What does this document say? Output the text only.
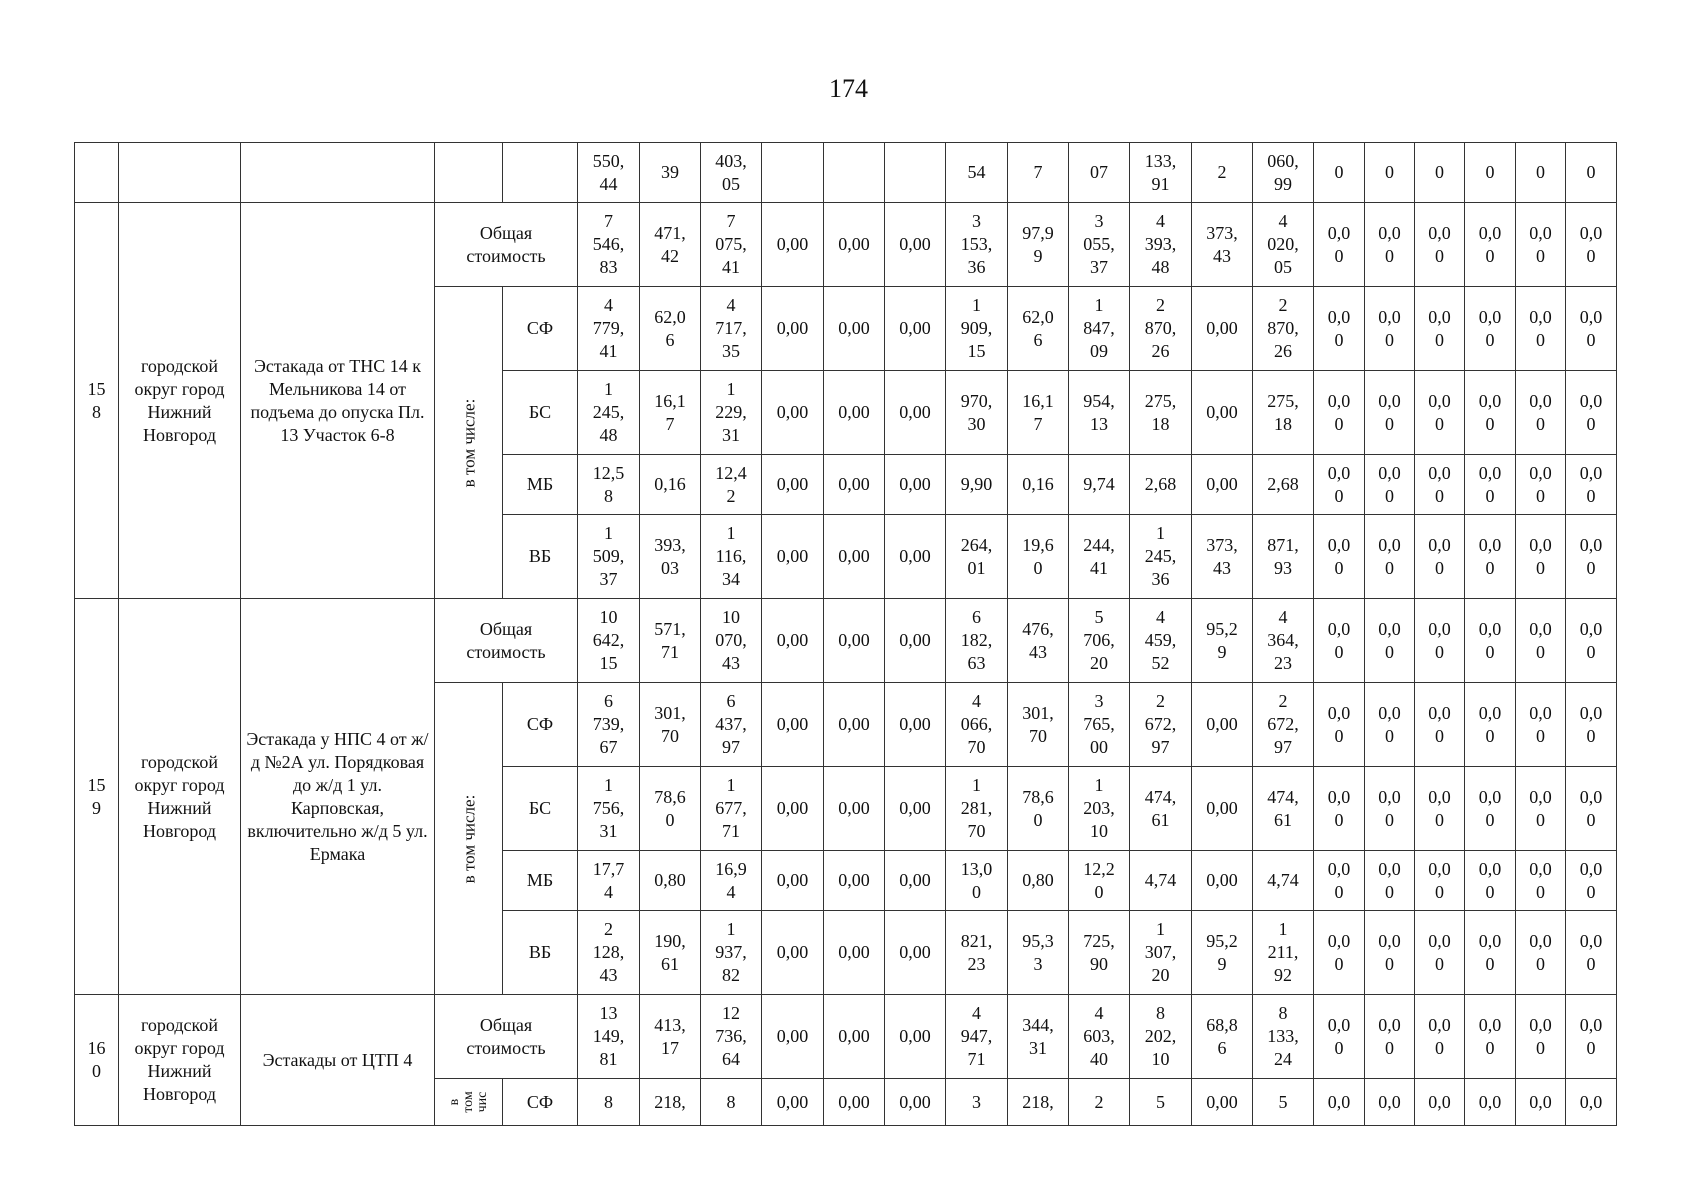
174
					550,
44	39	403,
05				54	7	07	133,
91	2	060,
99	0	0	0	0	0	0
15
8	городской округ город Нижний Новгород	Эстакада от ТНС 14 к Мельникова 14 от подъема до опуска Пл. 13 Участок 6-8	Общая стоимость		7
546,
83	471,
42	7
075,
41	0,00	0,00	0,00	3
153,
36	97,9
9	3
055,
37	4
393,
48	373,
43	4
020,
05	0,0
0	0,0
0	0,0
0	0,0
0	0,0
0	0,0
0

			в том числе:	СФ	4
779,
41	62,0
6	4
717,
35	0,00	0,00	0,00	1
909,
15	62,0
6	1
847,
09	2
870,
26	0,00	2
870,
26	0,0
0	0,0
0	0,0
0	0,0
0	0,0
0	0,0
0
				БС	1
245,
48	16,1
7	1
229,
31	0,00	0,00	0,00	970,
30	16,1
7	954,
13	275,
18	0,00	275,
18	0,0
0	0,0
0	0,0
0	0,0
0	0,0
0	0,0
0
				МБ	12,5
8	0,16	12,4
2	0,00	0,00	0,00	9,90	0,16	9,74	2,68	0,00	2,68	0,0
0	0,0
0	0,0
0	0,0
0	0,0
0	0,0
0
				ВБ	1
509,
37	393,
03	1
116,
34	0,00	0,00	0,00	264,
01	19,6
0	244,
41	1
245,
36	373,
43	871,
93	0,0
0	0,0
0	0,0
0	0,0
0	0,0
0	0,0
0
15
9	городской округ город Нижний Новгород	Эстакада у НПС 4 от ж/д №2А ул. Порядковая до ж/д 1 ул. Карповская, включительно ж/д 5 ул. Ермака	Общая стоимость		10
642,
15	571,
71	10
070,
43	0,00	0,00	0,00	6
182,
63	476,
43	5
706,
20	4
459,
52	95,2
9	4
364,
23	0,0
0	0,0
0	0,0
0	0,0
0	0,0
0	0,0
0

			в том числе:	СФ	6
739,
67	301,
70	6
437,
97	0,00	0,00	0,00	4
066,
70	301,
70	3
765,
00	2
672,
97	0,00	2
672,
97	0,0
0	0,0
0	0,0
0	0,0
0	0,0
0	0,0
0
				БС	1
756,
31	78,6
0	1
677,
71	0,00	0,00	0,00	1
281,
70	78,6
0	1
203,
10	474,
61	0,00	474,
61	0,0
0	0,0
0	0,0
0	0,0
0	0,0
0	0,0
0
				МБ	17,7
4	0,80	16,9
4	0,00	0,00	0,00	13,0
0	0,80	12,2
0	4,74	0,00	4,74	0,0
0	0,0
0	0,0
0	0,0
0	0,0
0	0,0
0
				ВБ	2
128,
43	190,
61	1
937,
82	0,00	0,00	0,00	821,
23	95,3
3	725,
90	1
307,
20	95,2
9	1
211,
92	0,0
0	0,0
0	0,0
0	0,0
0	0,0
0	0,0
0
16
0	городской округ город Нижний Новгород	Эстакады от ЦТП 4	Общая стоимость		13
149,
81	413,
17	12
736,
64	0,00	0,00	0,00	4
947,
71	344,
31	4
603,
40	8
202,
10	68,8
6	8
133,
24	0,0
0	0,0
0	0,0
0	0,0
0	0,0
0	0,0
0

			в
том
чис	СФ	8	218,	8	0,00	0,00	0,00	3	218,	2	5	0,00	5	0,0	0,0	0,0	0,0	0,0	0,0
